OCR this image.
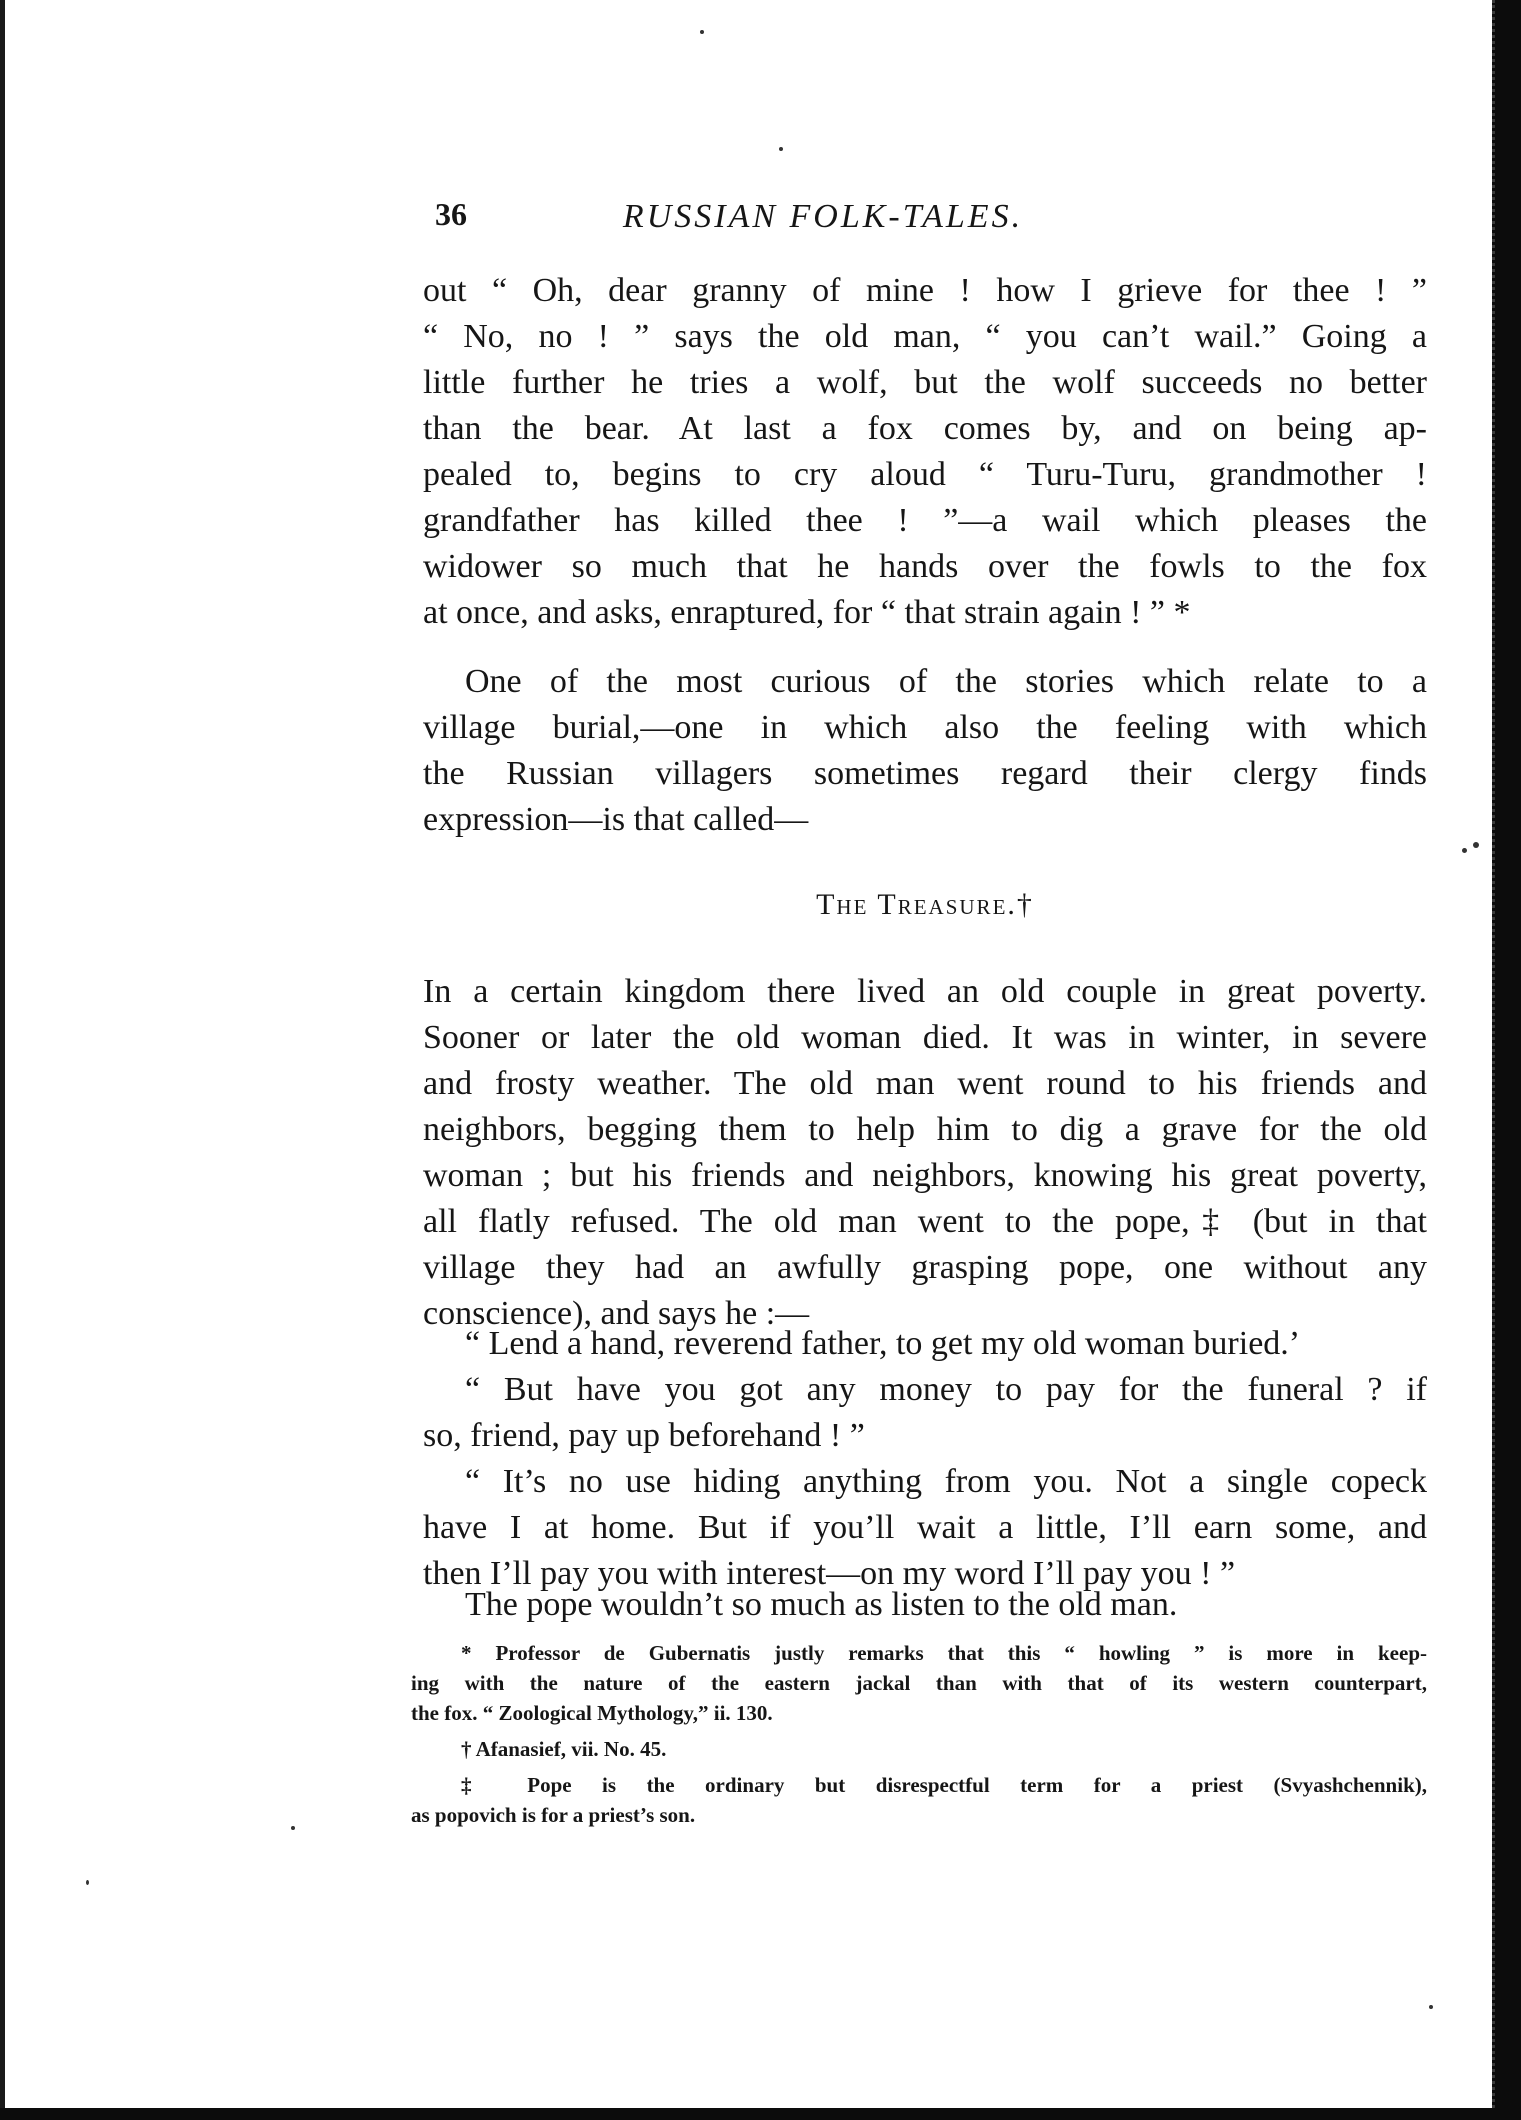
36	RUSSIAN FOLK-TALES.

out “ Oh, dear granny of mine ! how I grieve for thee ! ”
“ No, no ! ” says the old man, “ you can’t wail.” Going a
little further he tries a wolf, but the wolf succeeds no better
than the bear. At last a fox comes by, and on being ap-
pealed to, begins to cry aloud “ Turu-Turu, grandmother !
grandfather has killed thee ! ”—a wail which pleases the
widower so much that he hands over the fowls to the fox
at once, and asks, enraptured, for “ that strain again ! ” *
One of the most curious of the stories which relate to a
village burial,—one in which also the feeling with which
the Russian villagers sometimes regard their clergy finds
expression—is that called—

The Treasure.†

In a certain kingdom there lived an old couple in great poverty.
Sooner or later the old woman died. It was in winter, in severe
and frosty weather. The old man went round to his friends and
neighbors, begging them to help him to dig a grave for the old
woman ; but his friends and neighbors, knowing his great poverty,
all flatly refused. The old man went to the pope,‡ (but in that
village they had an awfully grasping pope, one without any
conscience), and says he :—
“ Lend a hand, reverend father, to get my old woman buried.’
“ But have you got any money to pay for the funeral ? if
so, friend, pay up beforehand ! ”
“ It’s no use hiding anything from you. Not a single copeck
have I at home. But if you’ll wait a little, I’ll earn some, and
then I’ll pay you with interest—on my word I’ll pay you ! ”
The pope wouldn’t so much as listen to the old man.
* Professor de Gubernatis justly remarks that this “ howling ” is more in keep-
ing with the nature of the eastern jackal than with that of its western counterpart,
the fox. “ Zoological Mythology,” ii. 130.
† Afanasief, vii. No. 45.
‡ Pope is the ordinary but disrespectful term for a priest (Svyashchennik),
as popovich is for a priest’s son.
